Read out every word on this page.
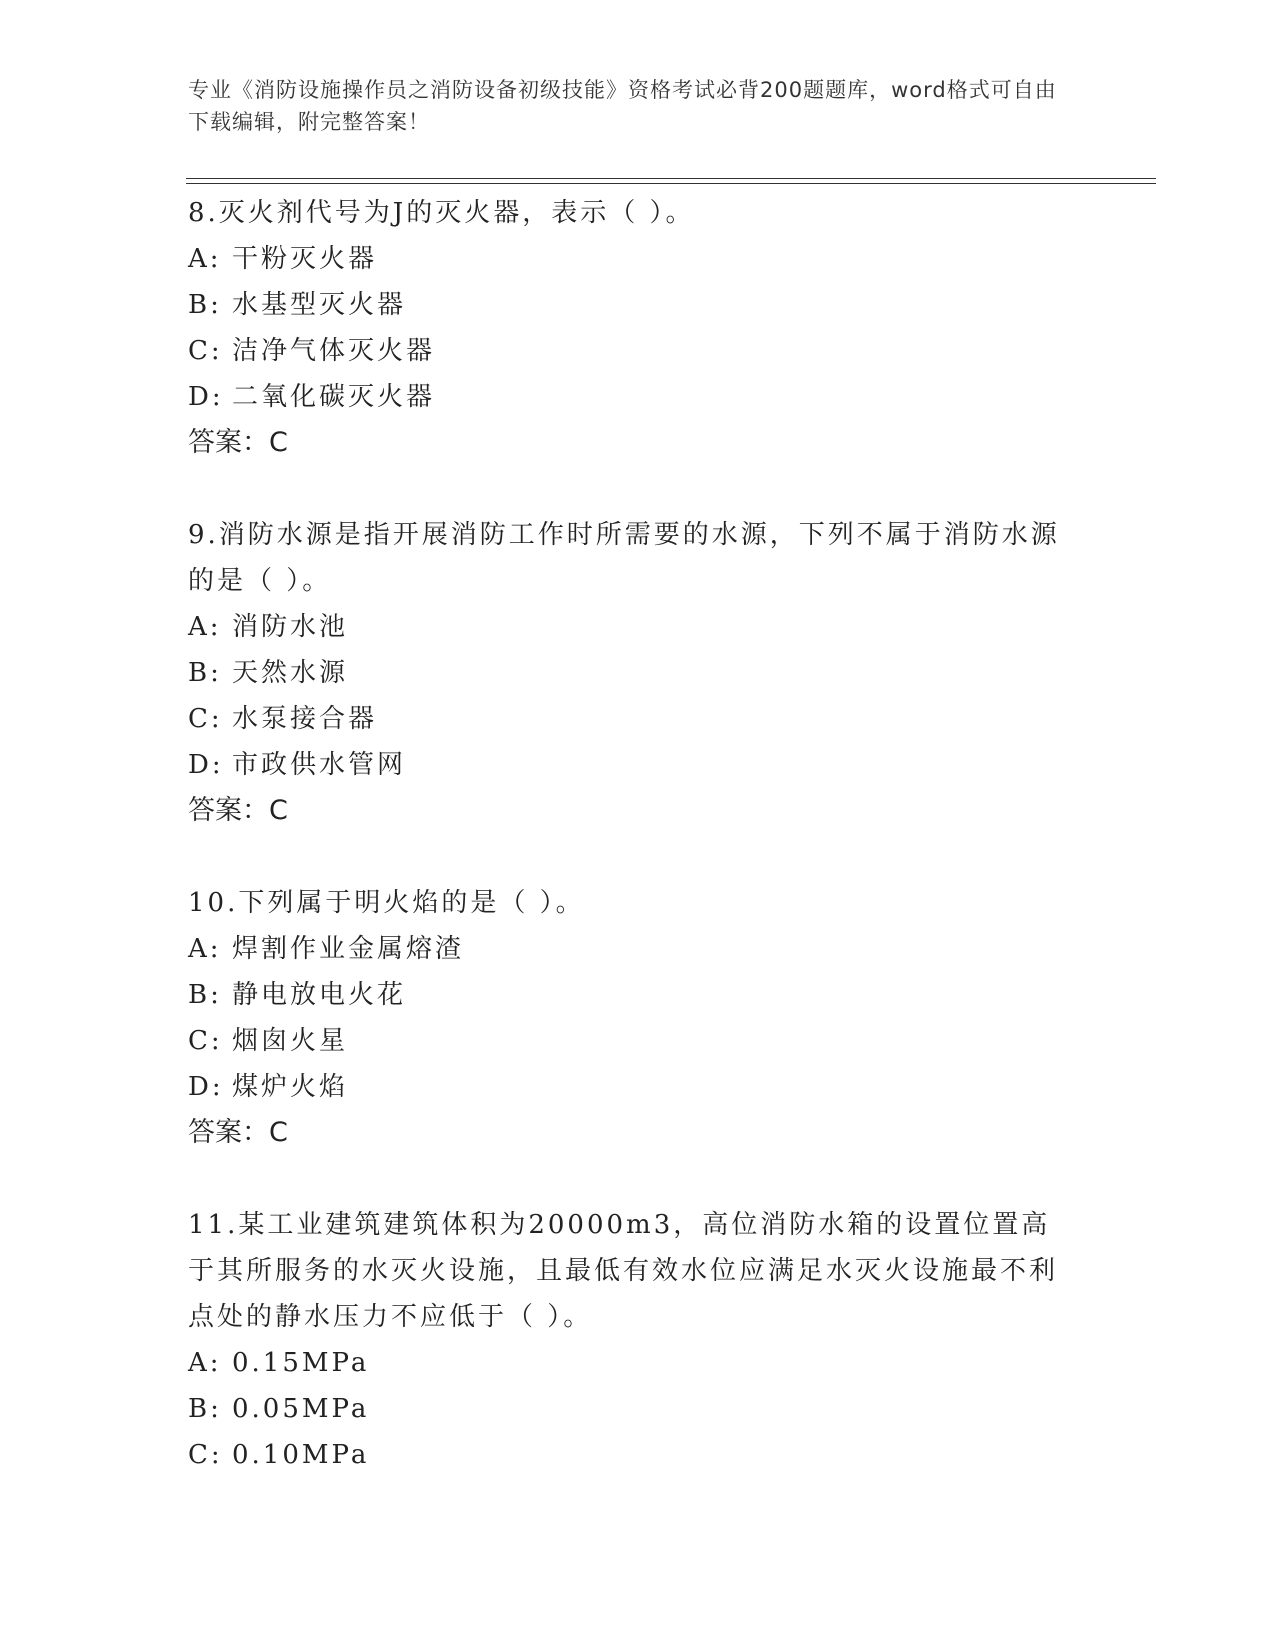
专业《消防设施操作员之消防设备初级技能》资格考试必背200题题库，word格式可自由下载编辑，附完整答案！

8.灭火剂代号为J的灭火器，表示（ ）。

A: 干粉灭火器

B: 水基型灭火器

C: 洁净气体灭火器

D: 二氧化碳灭火器

答案：C

9.消防水源是指开展消防工作时所需要的水源，下列不属于消防水源的是（ ）。

A: 消防水池

B: 天然水源

C: 水泵接合器

D: 市政供水管网

答案：C

10.下列属于明火焰的是（ ）。

A: 焊割作业金属熔渣

B: 静电放电火花

C: 烟囱火星

D: 煤炉火焰

答案：C

11.某工业建筑建筑体积为20000m3，高位消防水箱的设置位置高于其所服务的水灭火设施，且最低有效水位应满足水灭火设施最不利点处的静水压力不应低于（ ）。

A: 0.15MPa

B: 0.05MPa

C: 0.10MPa
